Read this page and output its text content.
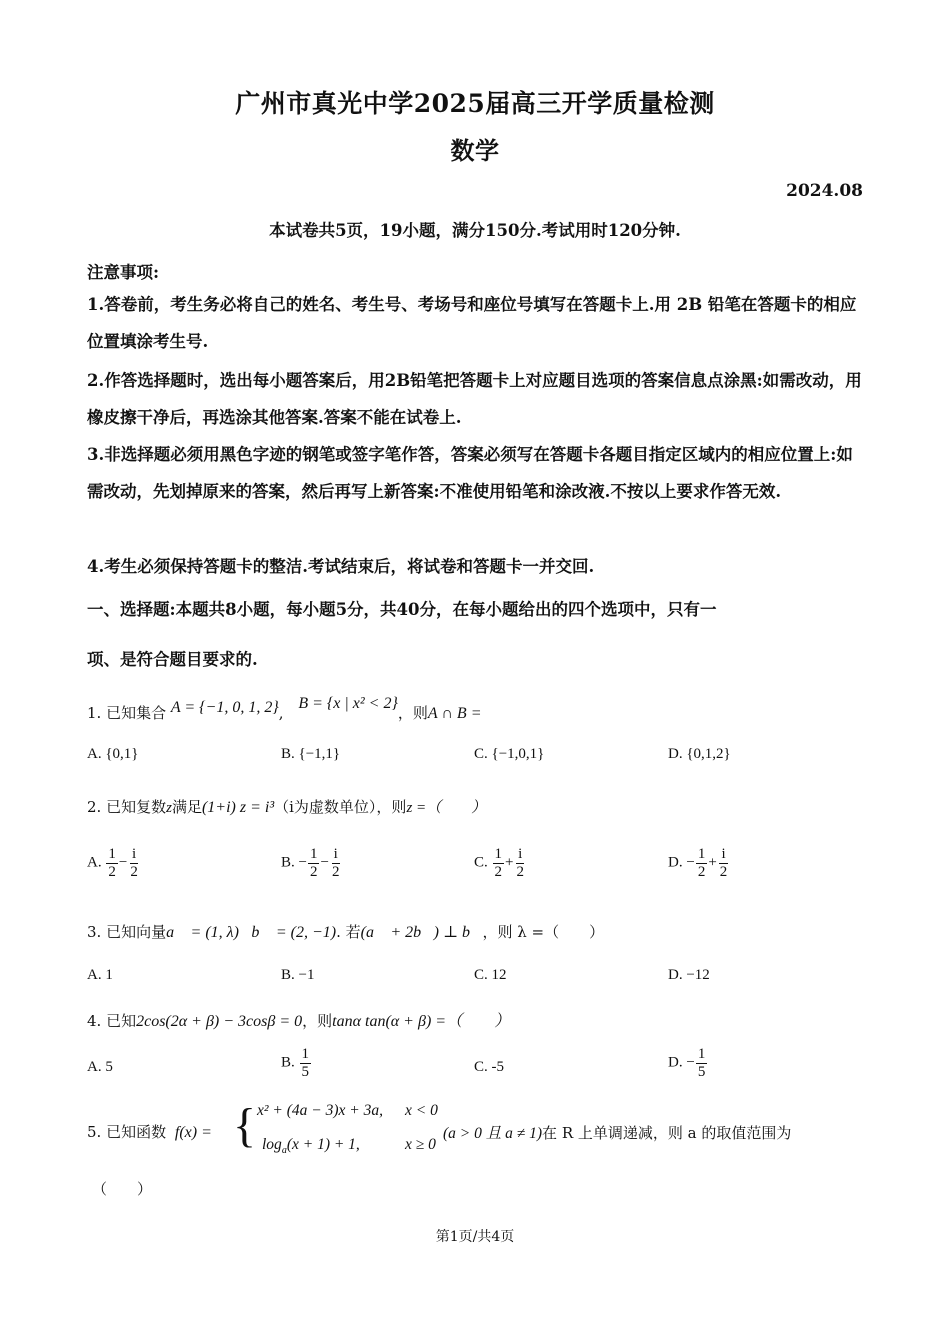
广州市真光中学2025届高三开学质量检测
数学
2024.08
本试卷共5页，19小题，满分150分.考试用时120分钟.
注意事项:
1.答卷前，考生务必将自己的姓名、考生号、考场号和座位号填写在答题卡上.用 2B 铅笔在答题卡的相应位置填涂考生号.
2.作答选择题时，选出每小题答案后，用2B铅笔把答题卡上对应题目选项的答案信息点涂黑:如需改动，用橡皮擦干净后，再选涂其他答案.答案不能在试卷上.
3.非选择题必须用黑色字迹的钢笔或签字笔作答，答案必须写在答题卡各题目指定区域内的相应位置上:如需改动，先划掉原来的答案，然后再写上新答案:不准使用铅笔和涂改液.不按以上要求作答无效.
4.考生必须保持答题卡的整洁.考试结束后，将试卷和答题卡一并交回.
一、选择题:本题共8小题，每小题5分，共40分，在每小题给出的四个选项中，只有一
项、是符合题目要求的.
1. 已知集合 A = {−1, 0, 1, 2}, B = {x | x² < 2}，则A ∩ B =
A. {0,1}	B. {−1,1}	C. {−1,0,1}	D. {0,1,2}
2. 已知复数z满足(1+i) z = i³（i为虚数单位），则z =（　　）
A. $\frac{1}{2} - \frac{i}{2}$	B. − $\frac{1}{2} - \frac{i}{2}$	C. $\frac{1}{2} + \frac{i}{2}$	D. − $\frac{1}{2} + \frac{i}{2}$
3. 已知向量a⃗ = (1, λ)，b⃗ = (2, −1). 若(a⃗ + 2b⃗) ⊥ b⃗，则 λ =（　　）
A. 1	B. −1	C. 12	D. −12
4. 已知2cos(2α + β) − 3cosβ = 0，则tanα tan(α + β) =（　　）
A. 5	B. $\frac{1}{5}$	C. -5	D. − $\frac{1}{5}$
5. 已知函数 f(x) = { x² + (4a − 3)x + 3a, x < 0
$\log_a(x + 1) + 1$,	x ≥ 0
(a > 0 且 a ≠ 1)在 R 上单调递减，则 a 的取值范围为
（　　）
第1页/共4页
